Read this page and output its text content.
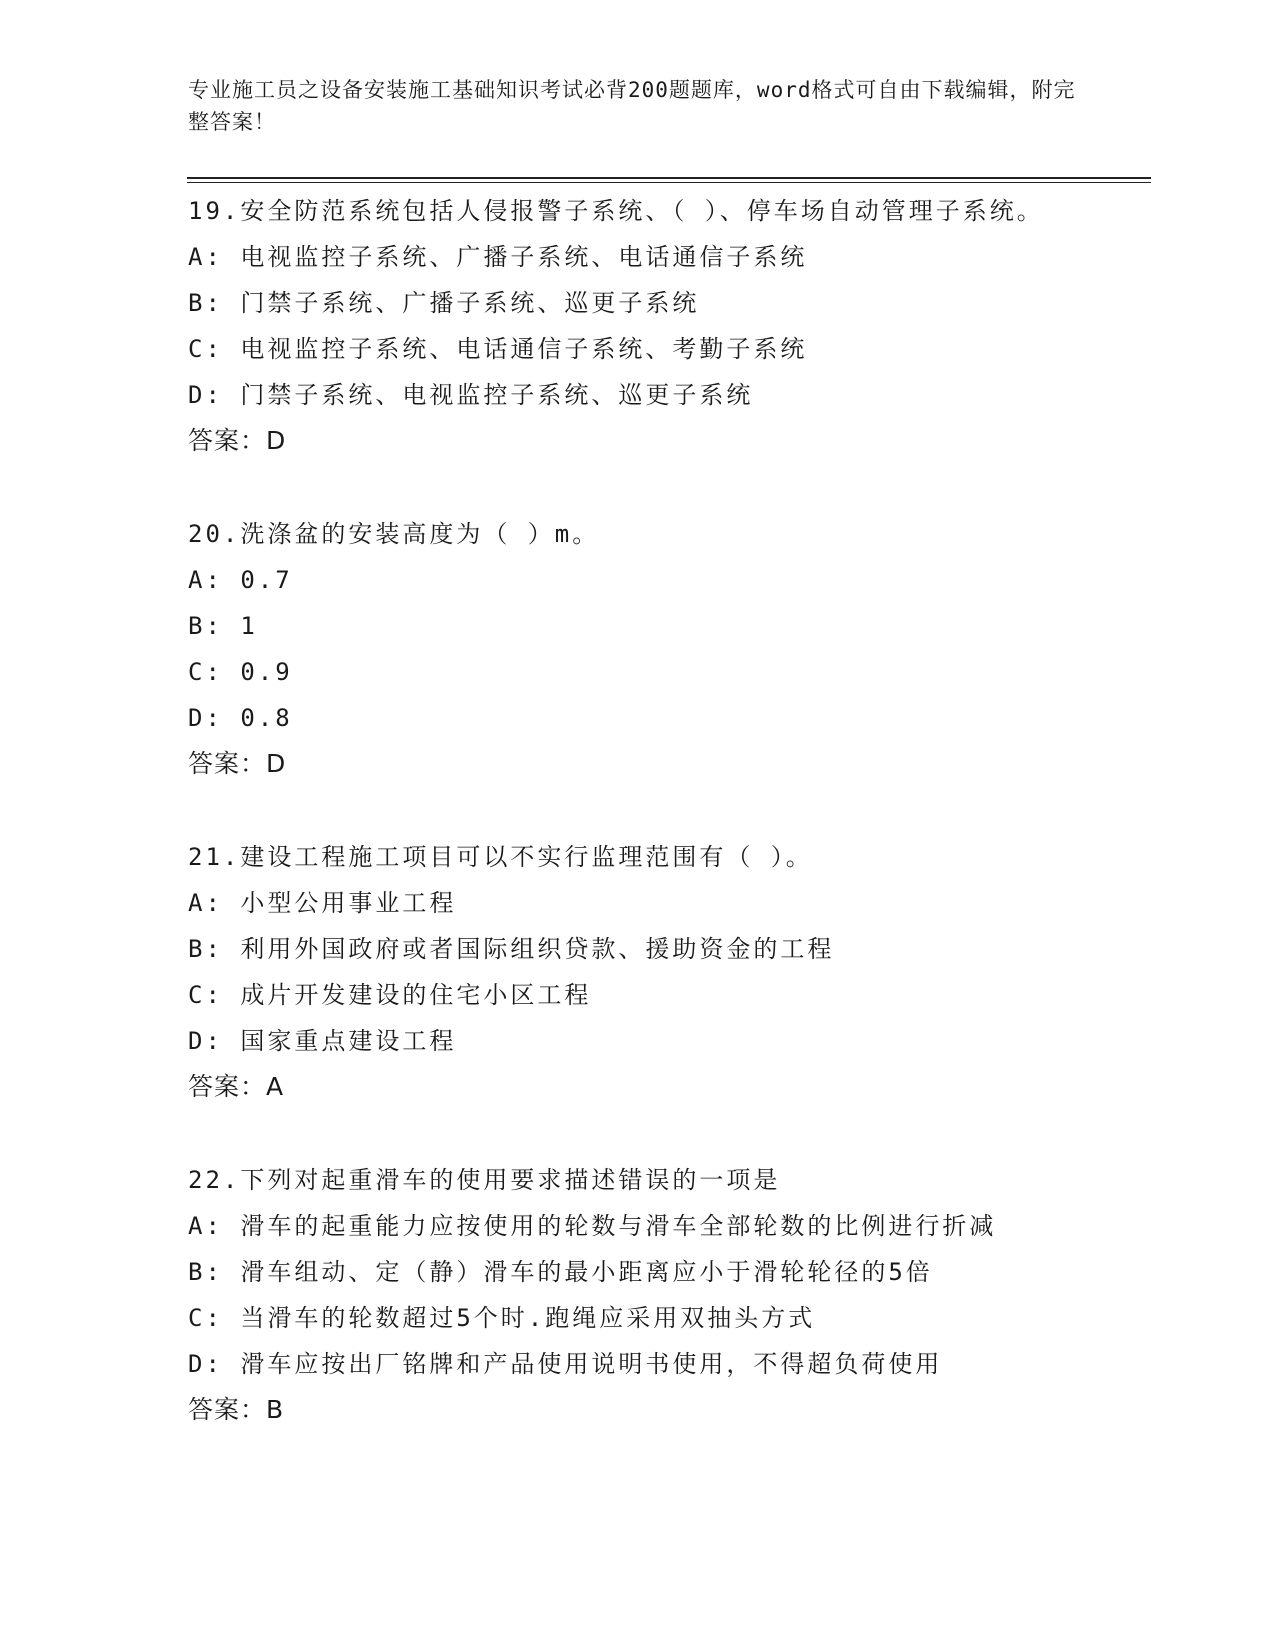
专业施工员之设备安装施工基础知识考试必背200题题库，word格式可自由下载编辑，附完整答案！

19.安全防范系统包括人侵报警子系统、（ ）、停车场自动管理子系统。

A: 电视监控子系统、广播子系统、电话通信子系统

B: 门禁子系统、广播子系统、巡更子系统

C: 电视监控子系统、电话通信子系统、考勤子系统

D: 门禁子系统、电视监控子系统、巡更子系统

答案：D

20.洗涤盆的安装高度为（ ）m。

A: 0.7

B: 1

C: 0.9

D: 0.8

答案：D

21.建设工程施工项目可以不实行监理范围有（ ）。

A: 小型公用事业工程

B: 利用外国政府或者国际组织贷款、援助资金的工程

C: 成片开发建设的住宅小区工程

D: 国家重点建设工程

答案：A

22.下列对起重滑车的使用要求描述错误的一项是

A: 滑车的起重能力应按使用的轮数与滑车全部轮数的比例进行折减

B: 滑车组动、定（静）滑车的最小距离应小于滑轮轮径的5倍

C: 当滑车的轮数超过5个时.跑绳应采用双抽头方式

D: 滑车应按出厂铭牌和产品使用说明书使用，不得超负荷使用

答案：B
